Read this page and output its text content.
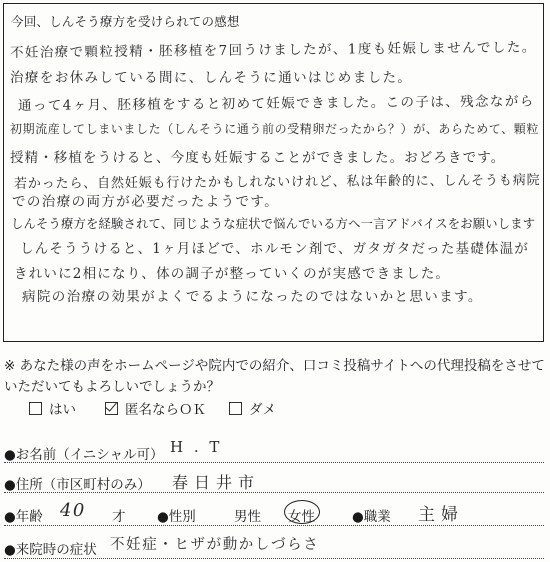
今回、しんそう療方を受けられての感想
不妊治療で顆粒授精・胚移植を7回うけましたが、1度も妊娠しませんでした。
治療をお休みしている間に、しんそうに通いはじめました。
通って4ヶ月、胚移植をすると初めて妊娠できました。この子は、残念ながら
初期流産してしまいました（しんそうに通う前の受精卵だったから？）が、あらためて、顆粒
授精・移植をうけると、今度も妊娠することができました。おどろきです。
若かったら、自然妊娠も行けたかもしれないけれど、私は年齢的に、しんそうも病院
での治療の両方が必要だったようです。
しんそう療方を経験されて、同じような症状で悩んでいる方へ一言アドバイスをお願いします
しんそううけると、1ヶ月ほどで、ホルモン剤で、ガタガタだった基礎体温が
きれいに2相になり、体の調子が整っていくのが実感できました。
病院の治療の効果がよくでるようになったのではないかと思います。
※ あなた様の声をホームページや院内での紹介、口コミ投稿サイトへの代理投稿をさせていただいてもよろしいでしょうか？
はい	匿名ならＯＫ	ダメ
●お名前（イニシャル可） H . T
●住所（市区町村のみ） 春日井市
●年齢 40 才 ●性別	男性 女性	●職業 主婦
●来院時の症状 不妊症・ヒザが動かしづらさ
